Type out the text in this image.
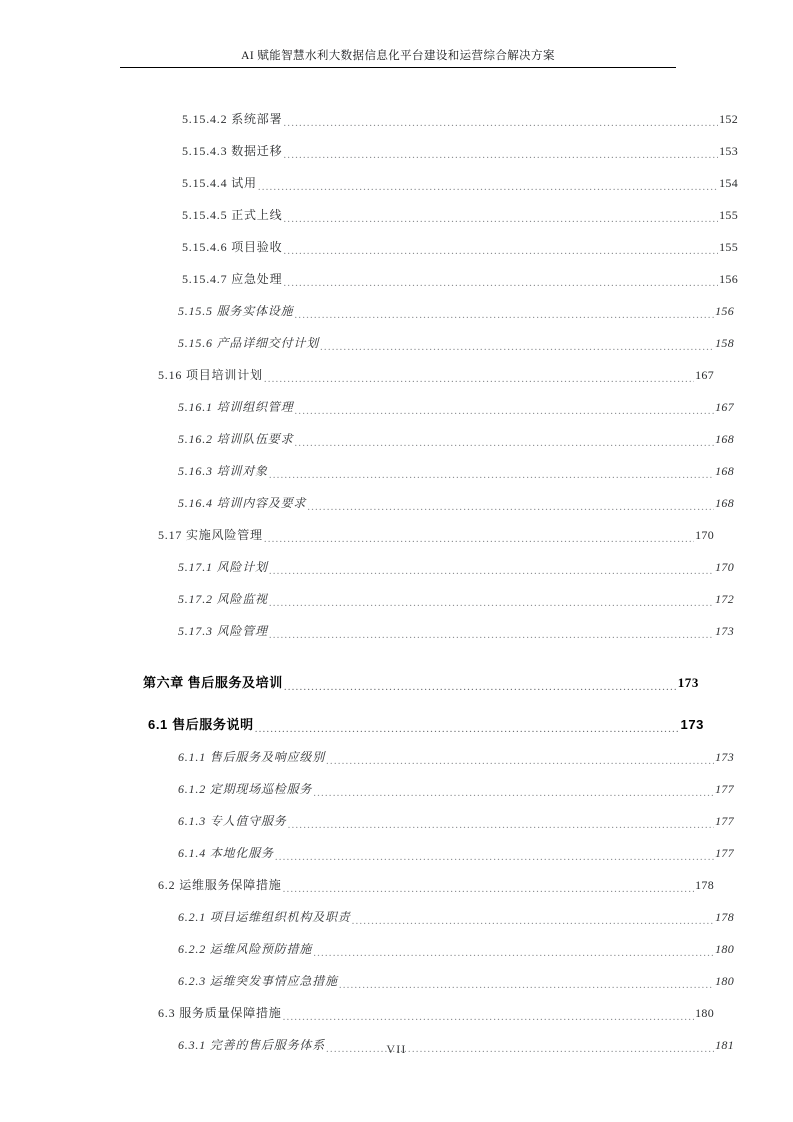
AI 赋能智慧水利大数据信息化平台建设和运营综合解决方案
5.15.4.2 系统部署 .....	152
5.15.4.3 数据迁移 .....	153
5.15.4.4 试用 .....	154
5.15.4.5 正式上线 .....	155
5.15.4.6 项目验收 .....	155
5.15.4.7 应急处理 .....	156
5.15.5 服务实体设施 .....	156
5.15.6 产品详细交付计划 .....	158
5.16 项目培训计划 .....	167
5.16.1 培训组织管理 .....	167
5.16.2 培训队伍要求 .....	168
5.16.3 培训对象 .....	168
5.16.4 培训内容及要求 .....	168
5.17 实施风险管理 .....	170
5.17.1 风险计划 .....	170
5.17.2 风险监视 .....	172
5.17.3 风险管理 .....	173
第六章 售后服务及培训 .....	173
6.1 售后服务说明 .....	173
6.1.1 售后服务及响应级别 .....	173
6.1.2 定期现场巡检服务 .....	177
6.1.3 专人值守服务 .....	177
6.1.4 本地化服务 .....	177
6.2 运维服务保障措施 .....	178
6.2.1 项目运维组织机构及职责 .....	178
6.2.2 运维风险预防措施 .....	180
6.2.3 运维突发事情应急措施 .....	180
6.3 服务质量保障措施 .....	180
6.3.1 完善的售后服务体系 .....	181
VII
